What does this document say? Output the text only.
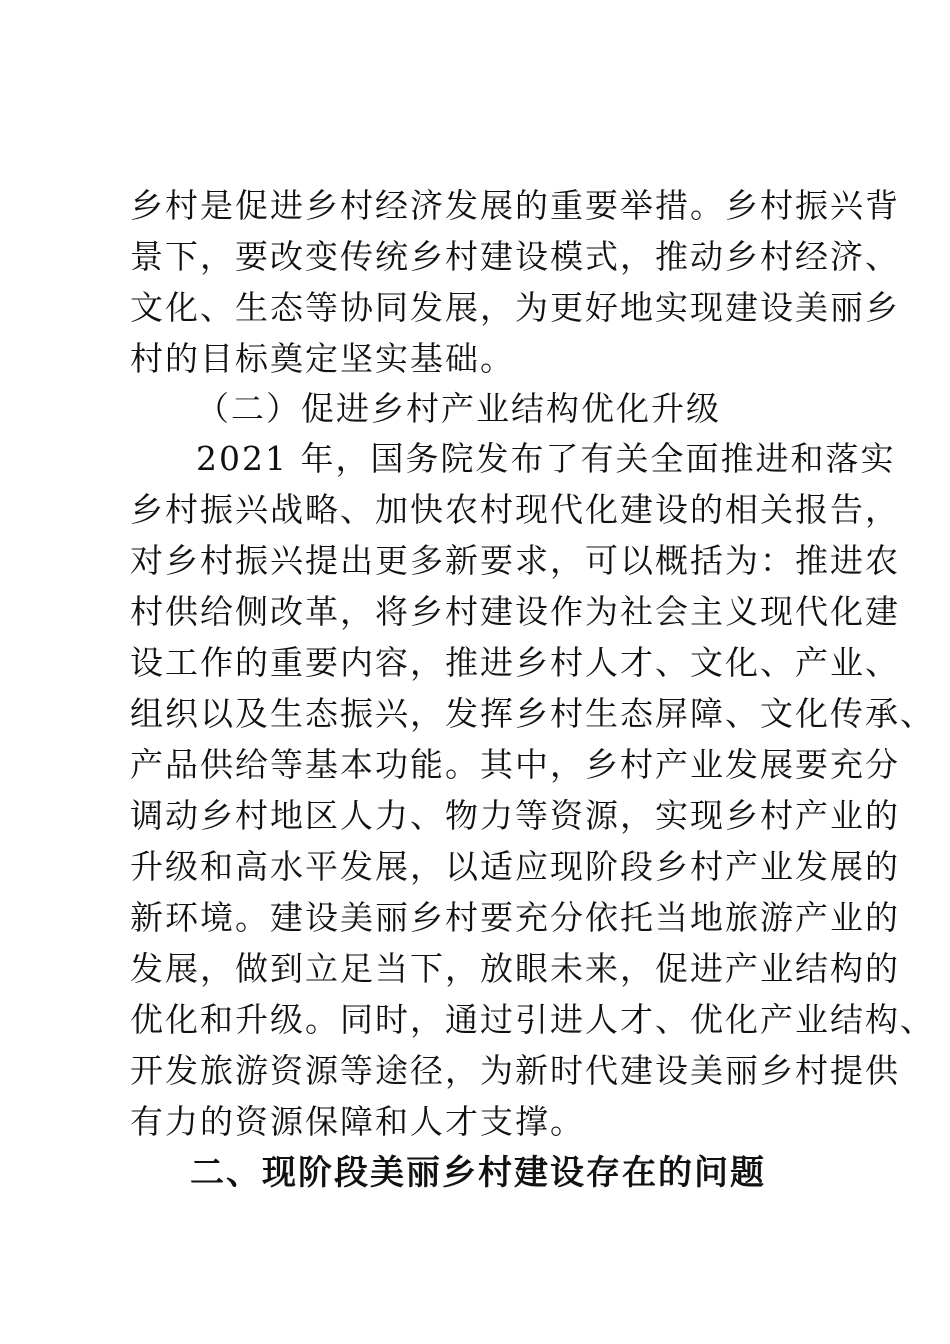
乡村是促进乡村经济发展的重要举措。乡村振兴背
景下，要改变传统乡村建设模式，推动乡村经济、
文化、生态等协同发展，为更好地实现建设美丽乡
村的目标奠定坚实基础。
（二）促进乡村产业结构优化升级
2021 年，国务院发布了有关全面推进和落实
乡村振兴战略、加快农村现代化建设的相关报告，
对乡村振兴提出更多新要求，可以概括为：推进农
村供给侧改革，将乡村建设作为社会主义现代化建
设工作的重要内容，推进乡村人才、文化、产业、
组织以及生态振兴，发挥乡村生态屏障、文化传承、
产品供给等基本功能。其中，乡村产业发展要充分
调动乡村地区人力、物力等资源，实现乡村产业的
升级和高水平发展，以适应现阶段乡村产业发展的
新环境。建设美丽乡村要充分依托当地旅游产业的
发展，做到立足当下，放眼未来，促进产业结构的
优化和升级。同时，通过引进人才、优化产业结构、
开发旅游资源等途径，为新时代建设美丽乡村提供
有力的资源保障和人才支撑。
二、现阶段美丽乡村建设存在的问题
